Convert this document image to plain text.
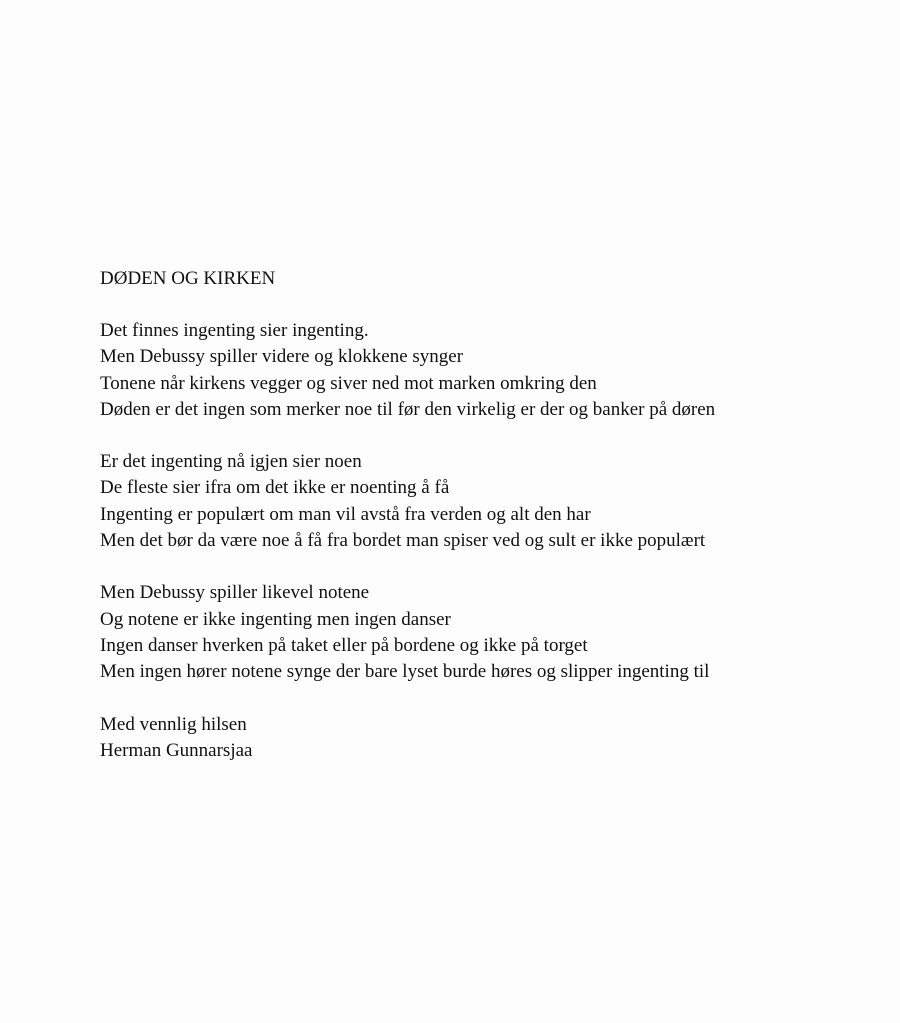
DØDEN OG KIRKEN
Det finnes ingenting sier ingenting.
Men Debussy spiller videre og klokkene synger
Tonene når kirkens vegger og siver ned mot marken omkring den
Døden er det ingen som merker noe til før den virkelig er der og banker på døren
Er det ingenting nå igjen sier noen
De fleste sier ifra om det ikke er noenting å få
Ingenting er populært om man vil avstå fra verden og alt den har
Men det bør da være noe å få fra bordet man spiser ved og sult er ikke populært
Men Debussy spiller likevel notene
Og notene er ikke ingenting men ingen danser
Ingen danser hverken på taket eller på bordene og ikke på torget
Men ingen hører notene synge der bare lyset burde høres og slipper ingenting til
Med vennlig hilsen
Herman Gunnarsjaa
